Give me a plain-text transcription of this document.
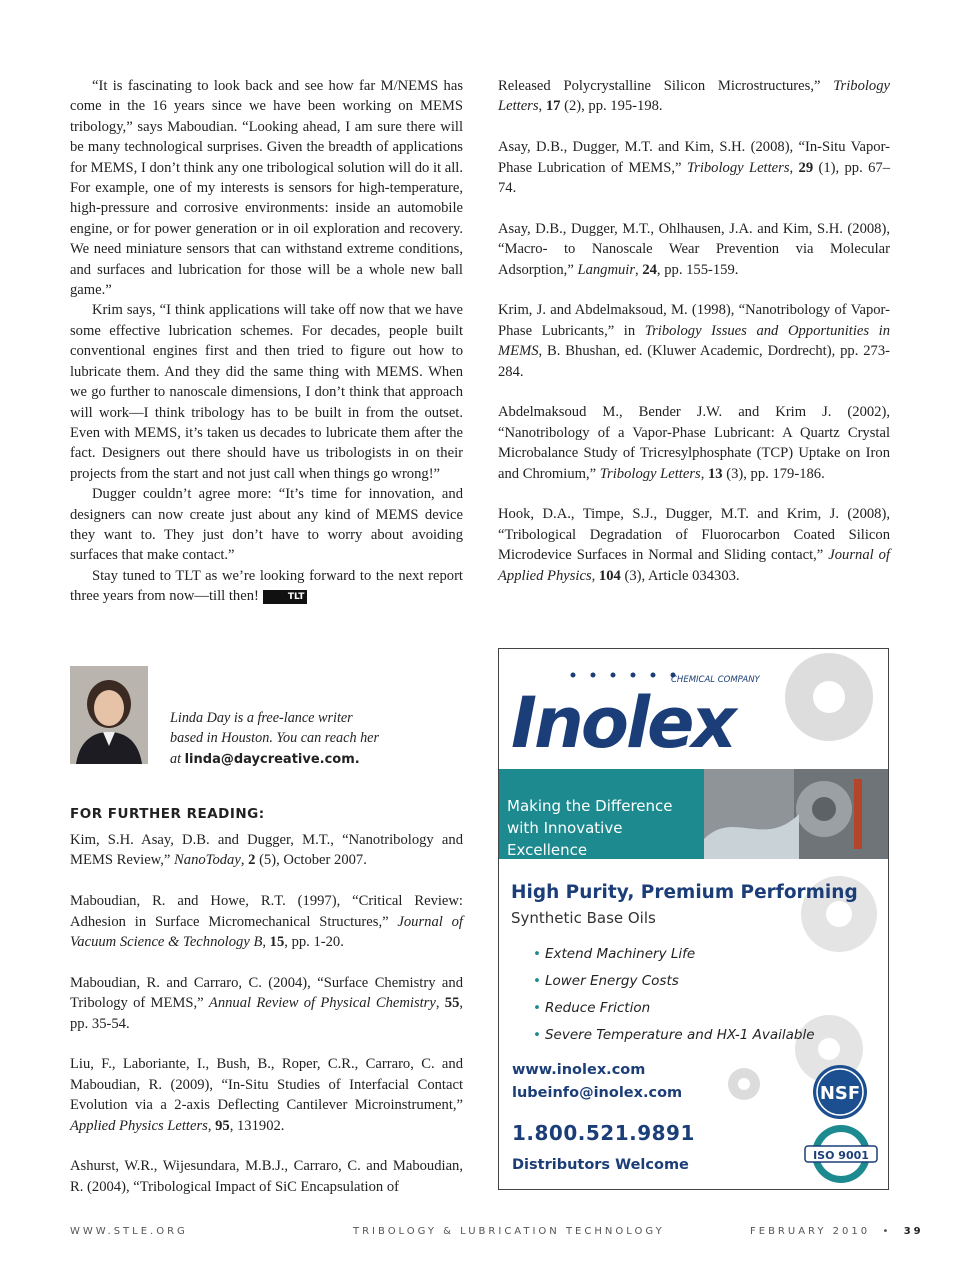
“It is fascinating to look back and see how far M/NEMS has come in the 16 years since we have been working on MEMS tribology,” says Maboudian. “Looking ahead, I am sure there will be many technological surprises. Given the breadth of applications for MEMS, I don’t think any one tribological solution will do it all. For example, one of my interests is sensors for high-temperature, high-pressure and corrosive environments: inside an automobile engine, or for power generation or in oil exploration and recovery. We need miniature sensors that can withstand extreme conditions, and surfaces and lubrication for those will be a whole new ball game.”

Krim says, “I think applications will take off now that we have some effective lubrication schemes. For decades, people built conventional engines first and then tried to figure out how to lubricate them. And they did the same thing with MEMS. When we go further to nanoscale dimensions, I don’t think that approach will work—I think tribology has to be built in from the outset. Even with MEMS, it’s taken us decades to lubricate them after the fact. Designers out there should have us tribologists in on their projects from the start and not just call when things go wrong!”

Dugger couldn’t agree more: “It’s time for innovation, and designers can now create just about any kind of MEMS device they want to. They just don’t have to worry about avoiding surfaces that make contact.”

Stay tuned to TLT as we’re looking forward to the next report three years from now—till then!	TLT

Linda Day is a free-lance writer
based in Houston. You can reach her
at linda@daycreative.com.
FOR FURTHER READING:

Kim, S.H. Asay, D.B. and Dugger, M.T., “Nanotribology and MEMS Review,” NanoToday, 2 (5), October 2007.

Maboudian, R. and Howe, R.T. (1997), “Critical Review: Adhesion in Surface Micromechanical Structures,” Journal of Vacuum Science & Technology B, 15, pp. 1-20.

Maboudian, R. and Carraro, C. (2004), “Surface Chemistry and Tribology of MEMS,” Annual Review of Physical Chemistry, 55, pp. 35-54.

Liu, F., Laboriante, I., Bush, B., Roper, C.R., Carraro, C. and Maboudian, R. (2009), “In-Situ Studies of Interfacial Contact Evolution via a 2-axis Deflecting Cantilever Microinstrument,” Applied Physics Letters, 95, 131902.

Ashurst, W.R., Wijesundara, M.B.J., Carraro, C. and Maboudian, R. (2004), “Tribological Impact of SiC Encapsulation of

Released Polycrystalline Silicon Microstructures,” Tribology Letters, 17 (2), pp. 195-198.

Asay, D.B., Dugger, M.T. and Kim, S.H. (2008), “In-Situ Vapor-Phase Lubrication of MEMS,” Tribology Letters, 29 (1), pp. 67–74.

Asay, D.B., Dugger, M.T., Ohlhausen, J.A. and Kim, S.H. (2008), “Macro- to Nanoscale Wear Prevention via Molecular Adsorption,” Langmuir, 24, pp. 155-159.

Krim, J. and Abdelmaksoud, M. (1998), “Nanotribology of Vapor-Phase Lubricants,” in Tribology Issues and Opportunities in MEMS, B. Bhushan, ed. (Kluwer Academic, Dordrecht), pp. 273-284.

Abdelmaksoud M., Bender J.W. and Krim J. (2002), “Nanotribology of a Vapor-Phase Lubricant: A Quartz Crystal Microbalance Study of Tricresylphosphate (TCP) Uptake on Iron and Chromium,” Tribology Letters, 13 (3), pp. 179-186.

Hook, D.A., Timpe, S.J., Dugger, M.T. and Krim, J. (2008), “Tribological Degradation of Fluorocarbon Coated Silicon Microdevice Surfaces in Normal and Sliding contact,” Journal of Applied Physics, 104 (3), Article 034303.

Inolex
CHEMICAL COMPANY
Making the Difference
with Innovative Excellence
High Purity, Premium Performing
Synthetic Base Oils
• Extend Machinery Life
• Lower Energy Costs
• Reduce Friction
• Severe Temperature and HX-1 Available
www.inolex.com
lubeinfo@inolex.com
1.800.521.9891
Distributors Welcome
NSF
ISO 9001
WWW.STLE.ORG	TRIBOLOGY & LUBRICATION TECHNOLOGY	FEBRUARY 2010 • 39
